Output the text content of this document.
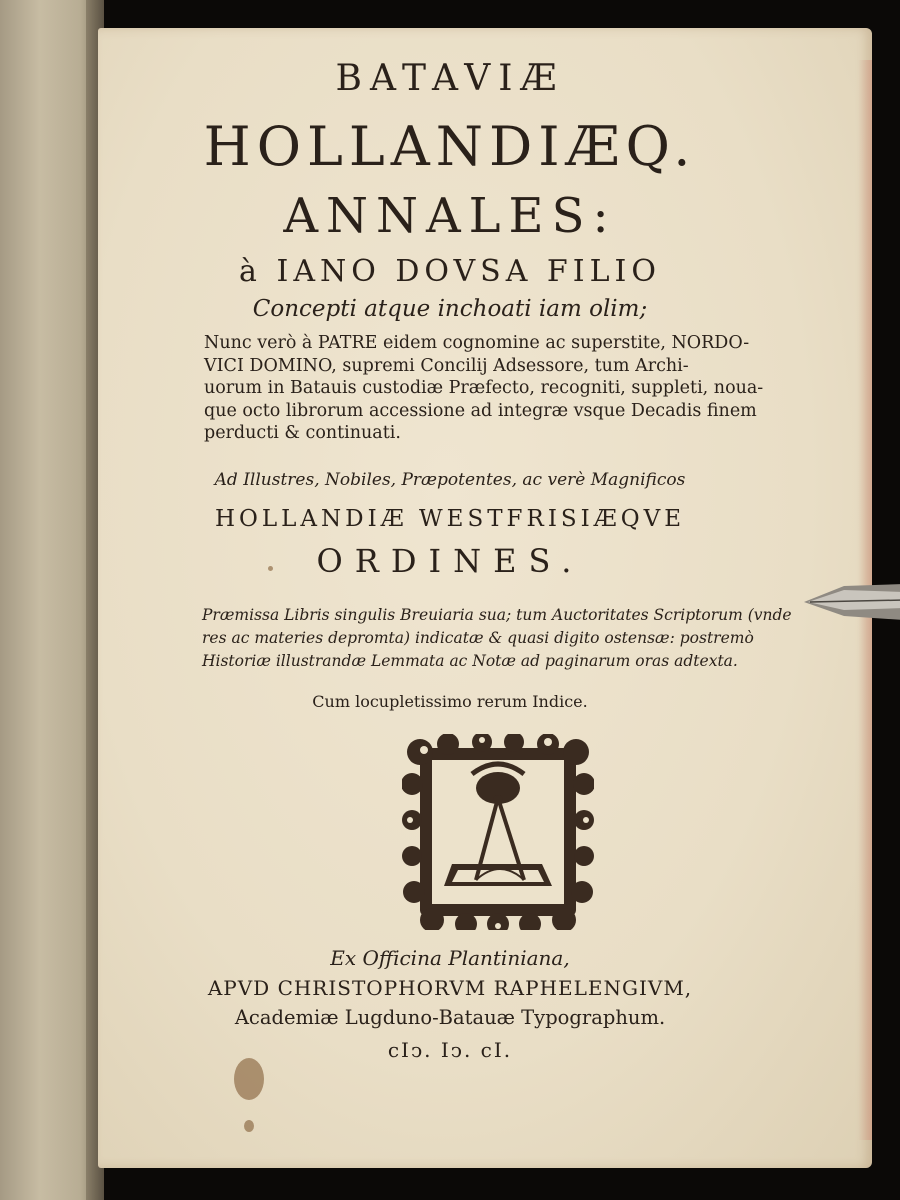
BATAVIÆ
HOLLANDIÆQ.
ANNALES:
à IANO DOVSA FILIO
Concepti atque inchoati iam olim;
Nunc verò à PATRE eidem cognomine ac superstite, NORDO-
VICI DOMINO, supremi Concilij Adsessore, tum Archi-
uorum in Batauis custodiæ Præfecto, recogniti, suppleti, noua-
que octo librorum accessione ad integræ vsque Decadis finem
perducti & continuati.
Ad Illustres, Nobiles, Præpotentes, ac verè Magnificos
HOLLANDIÆ WESTFRISIÆQVE
ORDINES.
Præmissa Libris singulis Breuiaria sua; tum Auctoritates Scriptorum (vnde
res ac materies depromta) indicatæ & quasi digito ostensæ: postremò
Historiæ illustrandæ Lemmata ac Notæ ad paginarum oras adtexta.
Cum locupletissimo rerum Indice.
Ex Officina Plantiniana,
APVD CHRISTOPHORVM RAPHELENGIVM,
Academiæ Lugduno-Batauæ Typographum.
cIↄ. Iↄ. cI.
